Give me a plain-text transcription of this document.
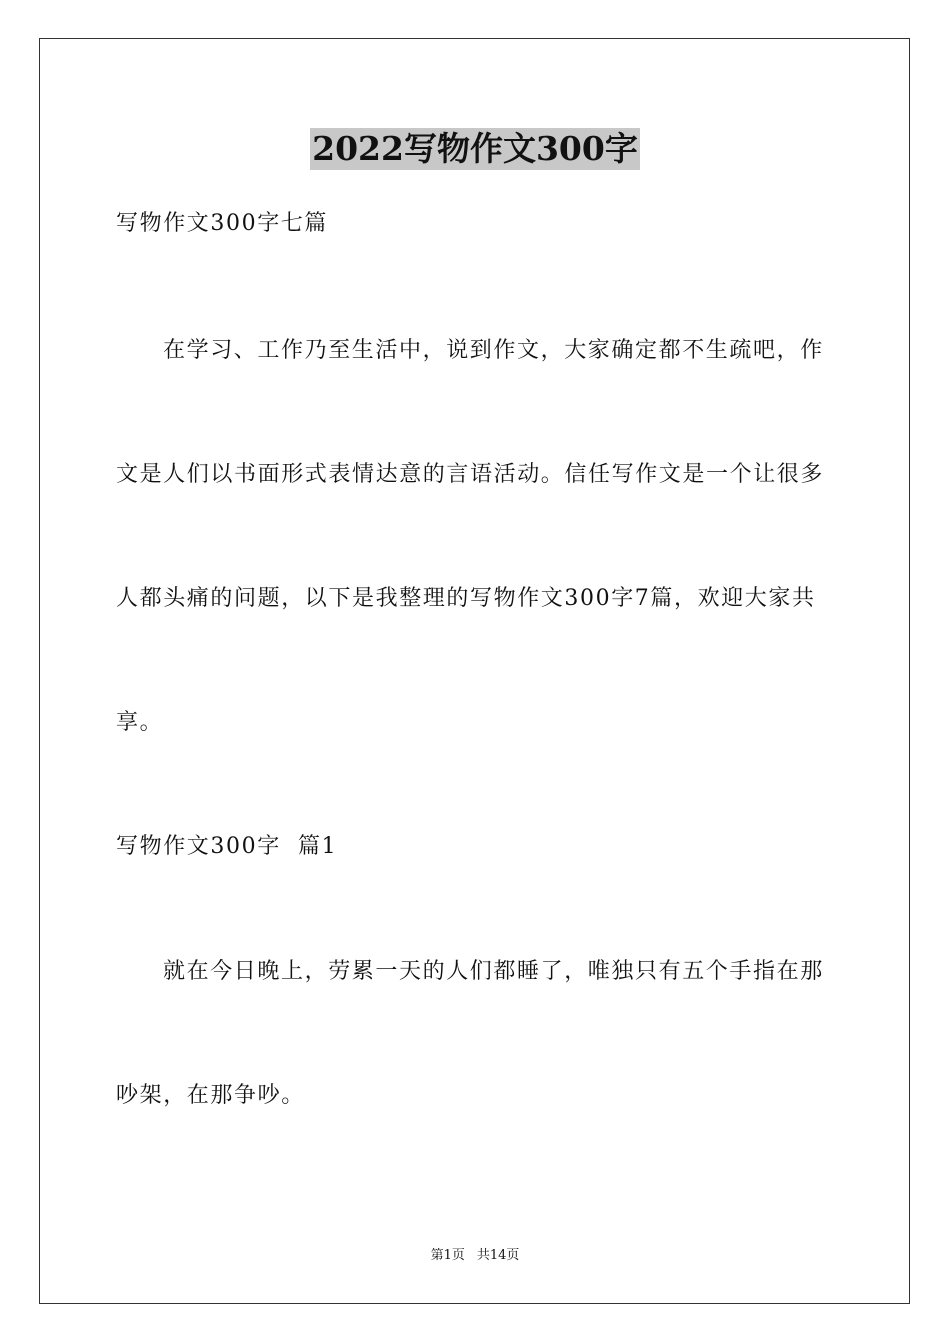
2022写物作文300字
写物作文300字七篇
在学习、工作乃至生活中，说到作文，大家确定都不生疏吧，作
文是人们以书面形式表情达意的言语活动。信任写作文是一个让很多
人都头痛的问题，以下是我整理的写物作文300字7篇，欢迎大家共
享。
写物作文300字  篇1
就在今日晚上，劳累一天的人们都睡了，唯独只有五个手指在那
吵架，在那争吵。
第1页 共14页
